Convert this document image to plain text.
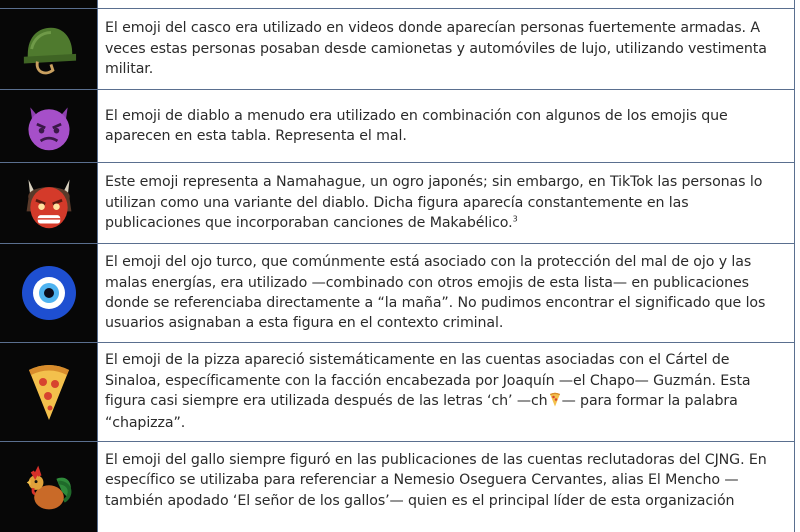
El emoji del casco era utilizado en videos donde aparecían personas fuertemente armadas. A veces estas personas posaban desde camionetas y automóviles de lujo, utilizando vestimenta militar.

El emoji de diablo a menudo era utilizado en combinación con algunos de los emojis que aparecen en esta tabla. Representa el mal.

Este emoji representa a Namahague, un ogro japonés; sin embargo, en TikTok las personas lo utilizan como una variante del diablo. Dicha figura aparecía constantemente en las publicaciones que incorporaban canciones de Makabélico.$^3$

El emoji del ojo turco, que comúnmente está asociado con la protección del mal de ojo y las malas energías, era utilizado —combinado con otros emojis de esta lista— en publicaciones donde se referenciaba directamente a “la maña”. No pudimos encontrar el significado que los usuarios asignaban a esta figura en el contexto criminal.

El emoji de la pizza apareció sistemáticamente en las cuentas asociadas con el Cártel de Sinaloa, específicamente con la facción encabezada por Joaquín —el Chapo— Guzmán. Esta figura casi siempre era utilizada después de las letras ‘ch’ —ch — para formar la palabra “chapizza”.

El emoji del gallo siempre figuró en las publicaciones de las cuentas reclutadoras del CJNG. En específico se utilizaba para referenciar a Nemesio Oseguera Cervantes, alias El Mencho —también apodado ‘El señor de los gallos’— quien es el principal líder de esta organización
